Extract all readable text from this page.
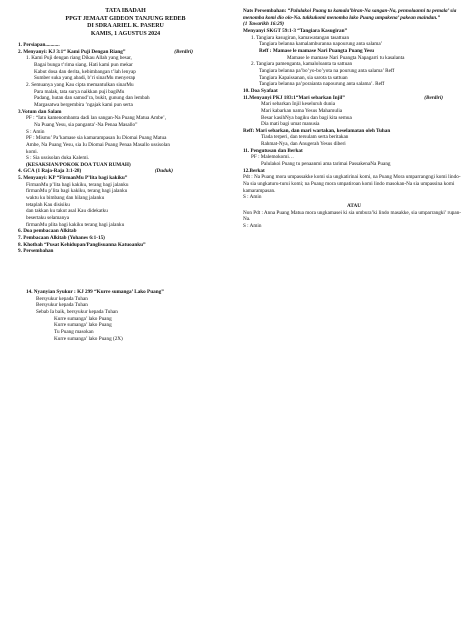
TATA IBADAH
PPGT JEMAAT GIDEON TANJUNG REDEB
DI SDRA ARIEL K. PASERU
KAMIS, 1 AGUSTUS 2024

1. Persiapan...........

2. Menyanyi: KJ 3:1“ Kami Puji Dengan Riang”	(Berdiri)

1. Kami Puji dengan riang Dikau Allah yang besar,

Bagai bunga t’rima siang. Hati kami pun mekar

Kabut dosa dan derita, kebimbangan t’lah lenyap

Sumber suka yang abadi, b’ri sinarMu menyerap

2. Semuanya yang Kau cipta memantulkan sinarMu

Para malak, tata surya naikkan puji bagiMu

Padang, hutan dan samud’ra, bukit, gunung dan lembah

Margasatwa bergembira ’ngajak kami pun serta

3.Votum dan Salam

PF : “Iatu kamenombanta dadi lan sangan-Na Puang Matua Ambe’,

Na Puang Yesu, sia panganta’-Na Penaa Masallo”

S : Amin

PF : Mismu’ Pa’kamase sia kamarampasan Iu Diomai Puang Matua

Ambe, Na Puang Yesu, sia Iu Diomai Puang Penaa Masallo ussisolan

komi.

S : Sia ussisolan duka Kalemi.

(KESAKSIAN/POKOK DOA TUAN RUMAH)

4. GCA (1 Raja-Raja 3:1-28)	(Duduk)

5. Menyanyi: KP “FirmanMu P’lita bagi kakiku”

FirmanMu p’lita bagi kakiku, terang bagi jalanku

firmanMu p’lita bagi kakiku, terang bagi jalanku

waktu ku bimbang dan hilang jalanku

tetaplah Kau disisiku

dan takkan ku takut asal Kau didekatku

besertaku selamanya

firmanMu plita bagi kakiku terang bagi jalanku

6. Doa pembacaan Alkitab

7. Pembacaan Alkitab (Yohanes 6:1-15)

8. Khotbah “Pusat Kehidupan/Panglisuanna Katuoanku”

9. Persembahan

14. Nyanyian Syukur : KJ 299 “Kurre sumanga’ Lako Puang”

Bersyukur kepada Tuhan

Bersyukur kepada Tuhan

Sebab Ia baik, bersyukur kepada Tuhan

Kurre sumanga’ lako Puang

Kurre sumanga’ lako Puang

Tu Puang masokan

Kurre sumanga’ lako Puang (2X)

Nats Persembahan: “Palulakoi Puang tu kamala’biran-Na sangan-Na, pennolaanni tu pemala’ sia menomba komi dio olo-Na. tukkukomi menomba lako Puang umpakena’ pakean maindan.”

(1 Tawarikh 16:29)

Menyanyi SKGT 59:1-3 “Tangiara Kasugiran”

1. Tangiara kasugiran, kamawatangan tasattuan

Tangiara belanna kamalamburanna napourung anta salama’

Reff : Mamase le mamase Nari Puangta Puang Yesu

Mamase le mamase Nari Puangta Napagarri tu kasalanta

2. Tangiara pamenganta, kamaloloanta ta sattuan

Tangiara belanna pa’bo’yo-bo’yota na pourung anta salama’ Reff

Tangiara Kapaissanan, sia sarota ta sattuan

Tangiara belanna pa’poraianta napourung anta salama’. Reff

10. Doa Syafaat

11.Menyanyi PKJ 183:1“Mari sebarkan Injil”	(Berdiri)

Mari sebarkan Injil keseluruh dunia

Mari kabarkan nama Yesus Mahamulia

Besar kasihNya bagiku dan bagi kita semua

Dia mati bagi umat manusia

Reff: Mari sebarkan, dan mari wartakan, keselamatan oleh Tuhan

Tiada terperi, dan tersulam serta beritakan

Rahmat-Nya, dan Anugerah Yesus diberi

11. Pengutusan dan Berkat

PF : Malemokomi…

Palulakoi Puang tu penaanmi ama tarimai PassakenaNa Puang

12.Berkat

Pdt : Na Puang mora umpassakke komi sia ungkatirinai komi, na Puang Mora umparrangngi komi lindo-Na sia ungkaturu-turui komi; na Puang mora umpatiroan komi lindo masokan-Na sia umpassina komi kamarampasan.

S : Amin

ATAU

Non Pdt : Anna Puang Matua mora ungkamasei ki sia umbura’ki lindo masakke, sia umparrangki’ rupan-Na.

S : Amin
